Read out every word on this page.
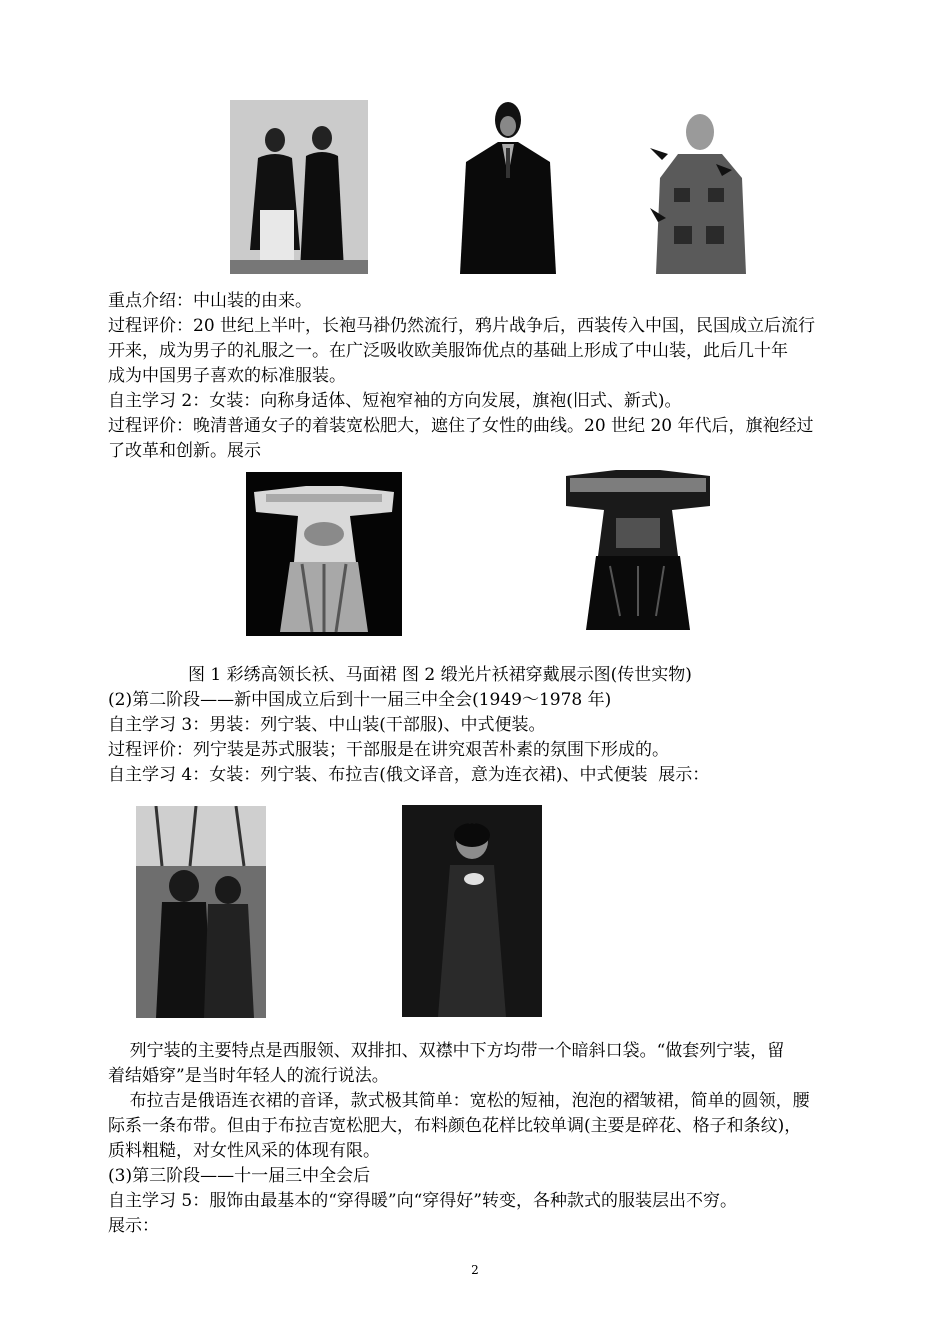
重点介绍：中山装的由来。
过程评价：20 世纪上半叶，长袍马褂仍然流行，鸦片战争后，西装传入中国，民国成立后流行
开来，成为男子的礼服之一。在广泛吸收欧美服饰优点的基础上形成了中山装，此后几十年
成为中国男子喜欢的标准服装。
自主学习 2：女装：向称身适体、短袍窄袖的方向发展，旗袍(旧式、新式)。
过程评价：晚清普通女子的着装宽松肥大，遮住了女性的曲线。20 世纪 20 年代后，旗袍经过
了改革和创新。展示
图 1 彩绣高领长袄、马面裙 图 2 缎光片袄裙穿戴展示图(传世实物)
(2)第二阶段——新中国成立后到十一届三中全会(1949～1978 年)
自主学习 3：男装：列宁装、中山装(干部服)、中式便装。
过程评价：列宁装是苏式服装；干部服是在讲究艰苦朴素的氛围下形成的。
自主学习 4：女装：列宁装、布拉吉(俄文译音，意为连衣裙)、中式便装  展示：
列宁装的主要特点是西服领、双排扣、双襟中下方均带一个暗斜口袋。“做套列宁装，留
着结婚穿”是当时年轻人的流行说法。
布拉吉是俄语连衣裙的音译，款式极其简单：宽松的短袖，泡泡的褶皱裙，简单的圆领，腰
际系一条布带。但由于布拉吉宽松肥大，布料颜色花样比较单调(主要是碎花、格子和条纹)，
质料粗糙，对女性风采的体现有限。
(3)第三阶段——十一届三中全会后
自主学习 5：服饰由最基本的“穿得暖”向“穿得好”转变，各种款式的服装层出不穷。
展示：
2
